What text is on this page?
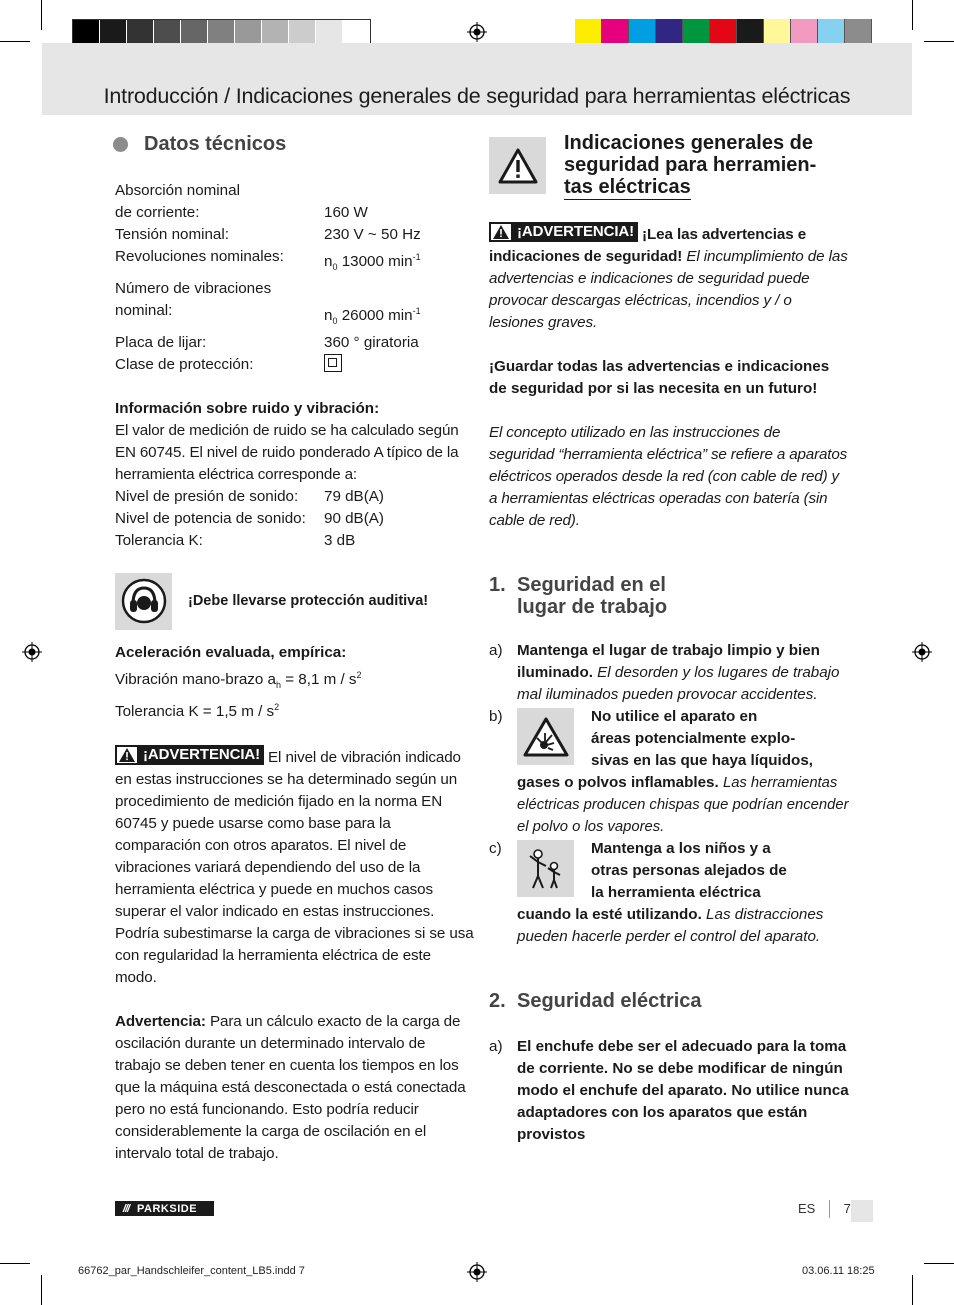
Introducción / Indicaciones generales de seguridad para herramientas eléctricas
Datos técnicos
Absorción nominal
de corriente:	160 W
Tensión nominal:	230 V ~ 50 Hz
Revoluciones nominales:	$n_0$ 13000 $\min^{-1}$
Número de vibraciones
nominal:	$n_0$ 26000 $\min^{-1}$
Placa de lijar:	360 ° giratoria
Clase de protección:
Información sobre ruido y vibración:
El valor de medición de ruido se ha calculado según EN 60745. El nivel de ruido ponderado A típico de la herramienta eléctrica corresponde a:
Nivel de presión de sonido:	79 dB(A)
Nivel de potencia de sonido:	90 dB(A)
Tolerancia K:	3 dB
¡Debe llevarse protección auditiva!
Aceleración evaluada, empírica:
Vibración mano-brazo $a_h = 8,1$ m / $s^2$
Tolerancia K = 1,5 m / $s^2$
¡ADVERTENCIA! El nivel de vibración indicado en estas instrucciones se ha determinado según un procedimiento de medición fijado en la norma EN 60745 y puede usarse como base para la comparación con otros aparatos. El nivel de vibraciones variará dependiendo del uso de la herramienta eléctrica y puede en muchos casos superar el valor indicado en estas instrucciones. Podría subestimarse la carga de vibraciones si se usa con regularidad la herramienta eléctrica de este modo.
Advertencia: Para un cálculo exacto de la carga de oscilación durante un determinado intervalo de trabajo se deben tener en cuenta los tiempos en los que la máquina está desconectada o está conectada pero no está funcionando. Esto podría reducir considerablemente la carga de oscilación en el intervalo total de trabajo.
Indicaciones generales de
seguridad para herramien-
tas eléctricas
¡ADVERTENCIA! ¡Lea las advertencias e indicaciones de seguridad! El incumplimiento de las advertencias e indicaciones de seguridad puede provocar descargas eléctricas, incendios y / o lesiones graves.
¡Guardar todas las advertencias e indicaciones de seguridad por si las necesita en un futuro!
El concepto utilizado en las instrucciones de seguridad “herramienta eléctrica” se refiere a aparatos eléctricos operados desde la red (con cable de red) y a herramientas eléctricas operadas con batería (sin cable de red).
1. Seguridad en el
lugar de trabajo
a) Mantenga el lugar de trabajo limpio y bien iluminado. El desorden y los lugares de trabajo mal iluminados pueden provocar accidentes.
b)	No utilice el aparato en
áreas potencialmente explo-
sivas en las que haya líquidos,
gases o polvos inflamables. Las herramientas eléctricas producen chispas que podrían encender el polvo o los vapores.
c)	Mantenga a los niños y a
otras personas alejados de
la herramienta eléctrica
cuando la esté utilizando. Las distracciones pueden hacerle perder el control del aparato.
2. Seguridad eléctrica
a) El enchufe debe ser el adecuado para la toma de corriente. No se debe modificar de ningún modo el enchufe del aparato. No utilice nunca adaptadores con los aparatos que están provistos
/// PARKSIDE	ES 7
66762_par_Handschleifer_content_LB5.indd 7	03.06.11 18:25
